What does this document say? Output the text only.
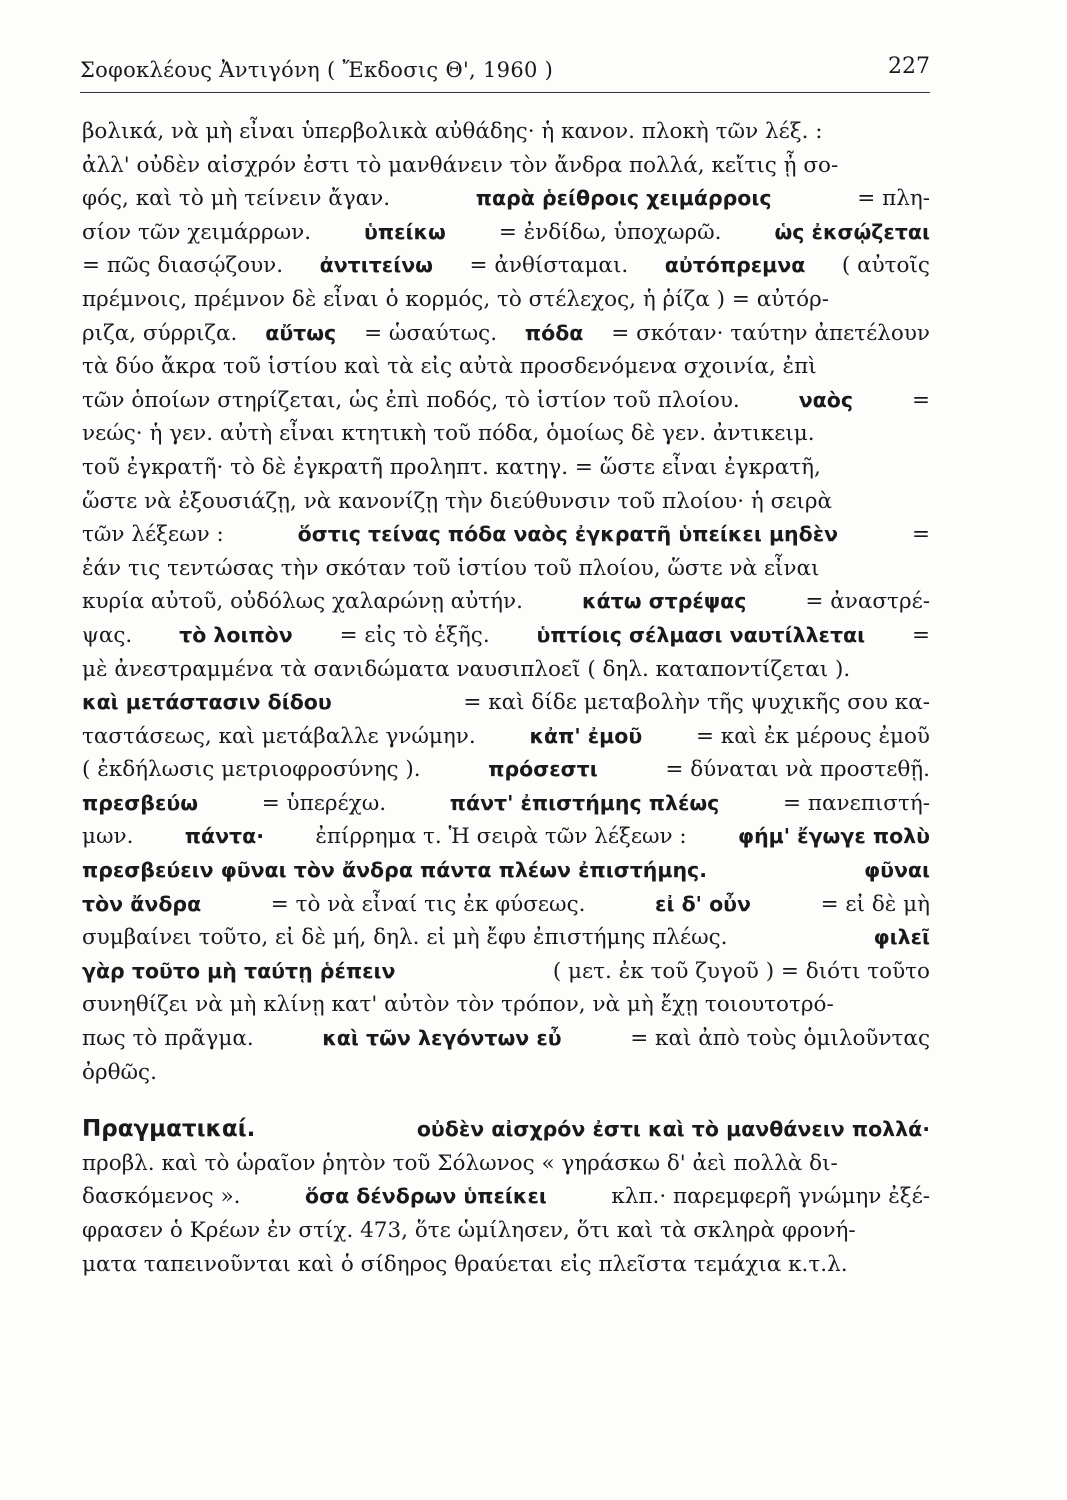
Σοφοκλέους Ἀντιγόνη ( Ἔκδοσις Θ', 1960 )	227
βολικά, νὰ μὴ εἶναι ὑπερβολικὰ αὐθάδης· ἡ κανον. πλοκὴ τῶν λέξ. :
ἀλλ' οὐδὲν αἰσχρόν ἐστι τὸ μανθάνειν τὸν ἄνδρα πολλά, κεἴτις ᾖ σο-
φός, καὶ τὸ μὴ τείνειν ἄγαν.	παρὰ ῥείθροις χειμάρροις	= πλη-
σίον τῶν χειμάρρων.	ὑπείκω = ἐνδίδω, ὑποχωρῶ.	ὡς ἐκσῴζεται
= πῶς διασῴζουν. ἀντιτείνω = ἀνθίσταμαι. αὐτόπρεμνα ( αὐτοῖς
πρέμνοις, πρέμνον δὲ εἶναι ὁ κορμός, τὸ στέλεχος, ἡ ῥίζα ) = αὐτόρ-
ριζα, σύρριζα. αὔτως = ὡσαύτως. πόδα = σκόταν· ταύτην ἀπετέλουν
τὰ δύο ἄκρα τοῦ ἱστίου καὶ τὰ εἰς αὐτὰ προσδενόμενα σχοινία, ἐπὶ
τῶν ὁποίων στηρίζεται, ὡς ἐπὶ ποδός, τὸ ἱστίον τοῦ πλοίου.	ναὸς	=
νεώς· ἡ γεν. αὐτὴ εἶναι κτητικὴ τοῦ πόδα, ὁμοίως δὲ γεν. ἀντικειμ.
τοῦ ἐγκρατῆ· τὸ δὲ ἐγκρατῆ προληπτ. κατηγ. = ὥστε εἶναι ἐγκρατῆ,
ὥστε νὰ ἐξουσιάζῃ, νὰ κανονίζῃ τὴν διεύθυνσιν τοῦ πλοίου· ἡ σειρὰ
τῶν λέξεων :	ὅστις τείνας πόδα ναὸς ἐγκρατῆ ὑπείκει μηδὲν	=
ἐάν τις τεντώσας τὴν σκόταν τοῦ ἱστίου τοῦ πλοίου, ὥστε νὰ εἶναι
κυρία αὐτοῦ, οὐδόλως χαλαρώνῃ αὐτήν.	κάτω στρέψας	= ἀναστρέ-
ψας. τὸ λοιπὸν = εἰς τὸ ἑξῆς. ὑπτίοις σέλμασι ναυτίλλεται =
μὲ ἀνεστραμμένα τὰ σανιδώματα ναυσιπλοεῖ ( δηλ. καταποντίζεται ).
καὶ μετάστασιν δίδου	= καὶ δίδε μεταβολὴν τῆς ψυχικῆς σου κα-
ταστάσεως, καὶ μετάβαλλε γνώμην.	κἀπ' ἐμοῦ	= καὶ ἐκ μέρους ἐμοῦ
( ἐκδήλωσις μετριοφροσύνης ).	πρόσεστι	= δύναται νὰ προστεθῇ.
πρεσβεύω	= ὑπερέχω.	πάντ' ἐπιστήμης πλέως	= πανεπιστή-
μων.	πάντα· ἐπίρρημα τ. Ἡ σειρὰ τῶν λέξεων :	φήμ' ἔγωγε πολὺ
πρεσβεύειν φῦναι τὸν ἄνδρα πάντα πλέων ἐπιστήμης.	φῦναι
τὸν ἄνδρα	= τὸ νὰ εἶναί τις ἐκ φύσεως.	εἰ δ' οὖν	= εἰ δὲ μὴ
συμβαίνει τοῦτο, εἰ δὲ μή, δηλ. εἰ μὴ ἔφυ ἐπιστήμης πλέως.	φιλεῖ
γὰρ τοῦτο μὴ ταύτῃ ῥέπειν	( μετ. ἐκ τοῦ ζυγοῦ ) = διότι τοῦτο
συνηθίζει νὰ μὴ κλίνῃ κατ' αὐτὸν τὸν τρόπον, νὰ μὴ ἔχῃ τοιουτοτρό-
πως τὸ πρᾶγμα.	καὶ τῶν λεγόντων εὖ	= καὶ ἀπὸ τοὺς ὁμιλοῦντας
ὀρθῶς.
Πραγματικαί.	οὐδὲν αἰσχρόν ἐστι καὶ τὸ μανθάνειν πολλά·
προβλ. καὶ τὸ ὡραῖον ῥητὸν τοῦ Σόλωνος « γηράσκω δ' ἀεὶ πολλὰ δι-
δασκόμενος ».	ὅσα δένδρων ὑπείκει	κλπ.· παρεμφερῆ γνώμην ἐξέ-
φρασεν ὁ Κρέων ἐν στίχ. 473, ὅτε ὡμίλησεν, ὅτι καὶ τὰ σκληρὰ φρονή-
ματα ταπεινοῦνται καὶ ὁ σίδηρος θραύεται εἰς πλεῖστα τεμάχια κ.τ.λ.
